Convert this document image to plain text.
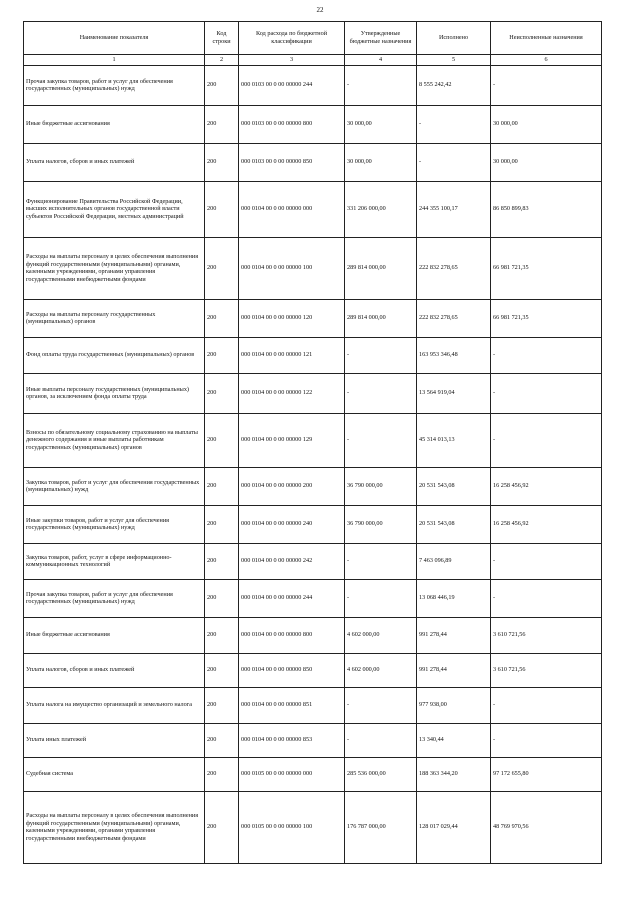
22
Наименование показателя	Код строки	Код расхода по бюджетной классификации	Утвержденные бюджетные назначения	Исполнено	Неисполненные назначения
1	2	3	4	5	6
Прочая закупка товаров, работ и услуг для обеспечения государственных (муниципальных) нужд	200	000 0103 00 0 00 00000 244	-	8 555 242,42	-
Иные бюджетные ассигнования	200	000 0103 00 0 00 00000 800	30 000,00	-	30 000,00
Уплата налогов, сборов и иных платежей	200	000 0103 00 0 00 00000 850	30 000,00	-	30 000,00
Функционирование Правительства Российской Федерации, высших исполнительных органов государственной власти субъектов Российской Федерации, местных администраций	200	000 0104 00 0 00 00000 000	331 206 000,00	244 355 100,17	86 850 899,83
Расходы на выплаты персоналу в целях обеспечения выполнения функций государственными (муниципальными) органами, казенными учреждениями, органами управления государственными внебюджетными фондами	200	000 0104 00 0 00 00000 100	289 814 000,00	222 832 278,65	66 981 721,35
Расходы на выплаты персоналу государственных (муниципальных) органов	200	000 0104 00 0 00 00000 120	289 814 000,00	222 832 278,65	66 981 721,35
Фонд оплаты труда государственных (муниципальных) органов	200	000 0104 00 0 00 00000 121	-	163 953 346,48	-
Иные выплаты персоналу государственных (муниципальных) органов, за исключением фонда оплаты труда	200	000 0104 00 0 00 00000 122	-	13 564 919,04	-
Взносы по обязательному социальному страхованию на выплаты денежного содержания и иные выплаты работникам государственных (муниципальных) органов	200	000 0104 00 0 00 00000 129	-	45 314 013,13	-
Закупка товаров, работ и услуг для обеспечения государственных (муниципальных) нужд	200	000 0104 00 0 00 00000 200	36 790 000,00	20 531 543,08	16 258 456,92
Иные закупки товаров, работ и услуг для обеспечения государственных (муниципальных) нужд	200	000 0104 00 0 00 00000 240	36 790 000,00	20 531 543,08	16 258 456,92
Закупка товаров, работ, услуг в сфере информационно-коммуникационных технологий	200	000 0104 00 0 00 00000 242	-	7 463 096,89	-
Прочая закупка товаров, работ и услуг для обеспечения государственных (муниципальных) нужд	200	000 0104 00 0 00 00000 244	-	13 068 446,19	-
Иные бюджетные ассигнования	200	000 0104 00 0 00 00000 800	4 602 000,00	991 278,44	3 610 721,56
Уплата налогов, сборов и иных платежей	200	000 0104 00 0 00 00000 850	4 602 000,00	991 278,44	3 610 721,56
Уплата налога на имущество организаций и земельного налога	200	000 0104 00 0 00 00000 851	-	977 938,00	-
Уплата иных платежей	200	000 0104 00 0 00 00000 853	-	13 340,44	-
Судебная система	200	000 0105 00 0 00 00000 000	285 536 000,00	188 363 344,20	97 172 655,80
Расходы на выплаты персоналу в целях обеспечения выполнения функций государственными (муниципальными) органами, казенными учреждениями, органами управления государственными внебюджетными фондами	200	000 0105 00 0 00 00000 100	176 787 000,00	128 017 029,44	48 769 970,56
